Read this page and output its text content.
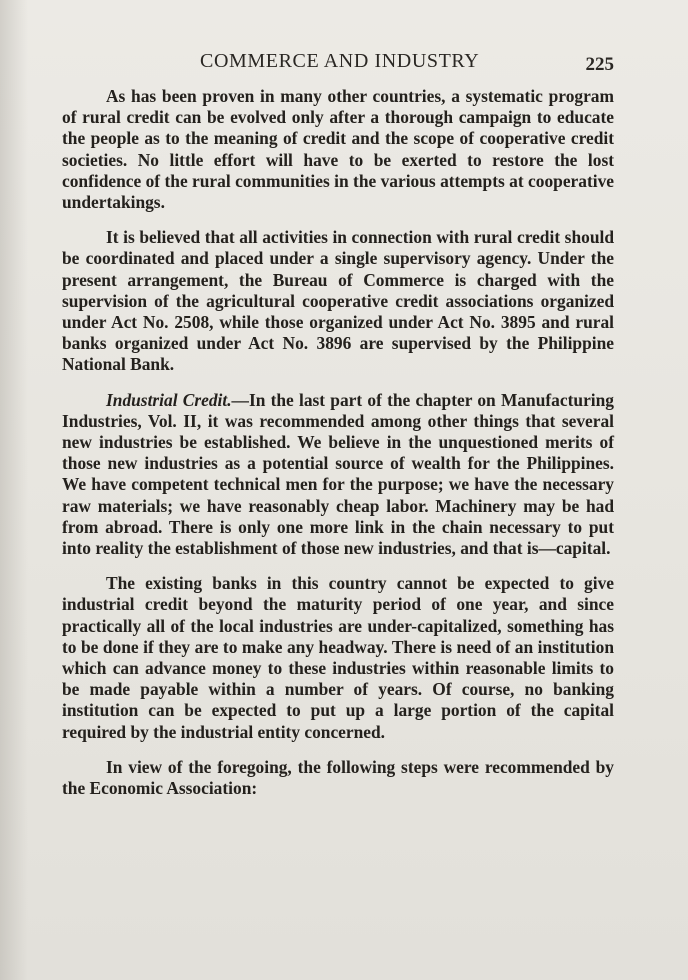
COMMERCE AND INDUSTRY	225

As has been proven in many other countries, a systematic program of rural credit can be evolved only after a thorough campaign to educate the people as to the meaning of credit and the scope of cooperative credit societies. No little effort will have to be exerted to restore the lost confidence of the rural communities in the various attempts at cooperative undertakings.

It is believed that all activities in connection with rural credit should be coordinated and placed under a single supervisory agency. Under the present arrangement, the Bureau of Commerce is charged with the supervision of the agricultural cooperative credit associations organized under Act No. 2508, while those organized under Act No. 3895 and rural banks organized under Act No. 3896 are supervised by the Philippine National Bank.

Industrial Credit.—In the last part of the chapter on Manufacturing Industries, Vol. II, it was recommended among other things that several new industries be established. We believe in the unquestioned merits of those new industries as a potential source of wealth for the Philippines. We have competent technical men for the purpose; we have the necessary raw materials; we have reasonably cheap labor. Machinery may be had from abroad. There is only one more link in the chain necessary to put into reality the establishment of those new industries, and that is—capital.

The existing banks in this country cannot be expected to give industrial credit beyond the maturity period of one year, and since practically all of the local industries are under-capitalized, something has to be done if they are to make any headway. There is need of an institution which can advance money to these industries within reasonable limits to be made payable within a number of years. Of course, no banking institution can be expected to put up a large portion of the capital required by the industrial entity concerned.

In view of the foregoing, the following steps were recommended by the Economic Association:
